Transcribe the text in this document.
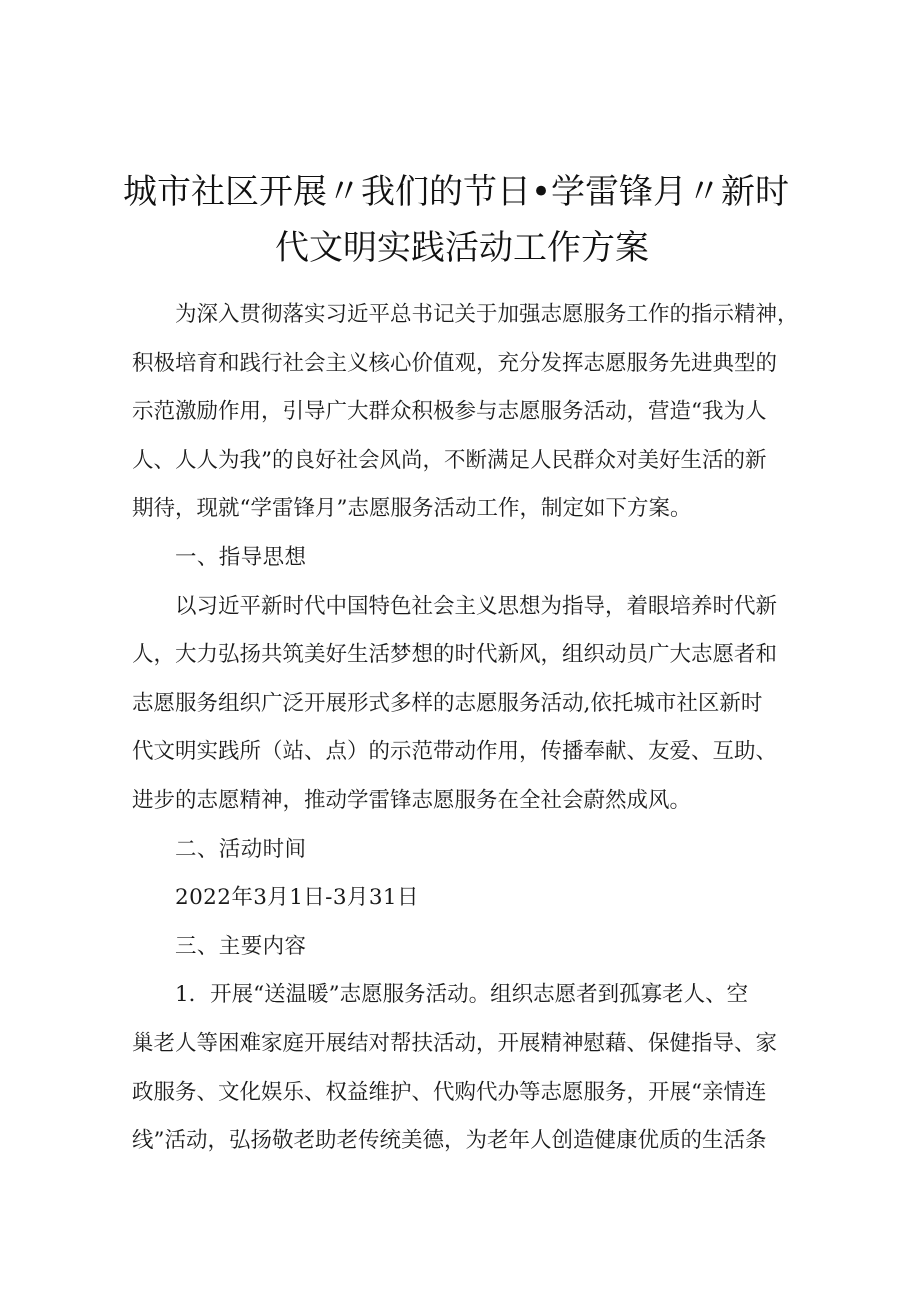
城市社区开展〃我们的节日•学雷锋月〃新时
代文明实践活动工作方案
为深入贯彻落实习近平总书记关于加强志愿服务工作的指示精神，
积极培育和践行社会主义核心价值观，充分发挥志愿服务先进典型的
示范激励作用，引导广大群众积极参与志愿服务活动，营造“我为人
人、人人为我”的良好社会风尚，不断满足人民群众对美好生活的新
期待，现就“学雷锋月”志愿服务活动工作，制定如下方案。
一、指导思想
以习近平新时代中国特色社会主义思想为指导，着眼培养时代新
人，大力弘扬共筑美好生活梦想的时代新风，组织动员广大志愿者和
志愿服务组织广泛开展形式多样的志愿服务活动,依托城市社区新时
代文明实践所（站、点）的示范带动作用，传播奉献、友爱、互助、
进步的志愿精神，推动学雷锋志愿服务在全社会蔚然成风。
二、活动时间
2022年3月1日-3月31日
三、主要内容
1．开展“送温暖”志愿服务活动。组织志愿者到孤寡老人、空
巢老人等困难家庭开展结对帮扶活动，开展精神慰藉、保健指导、家
政服务、文化娱乐、权益维护、代购代办等志愿服务，开展“亲情连
线”活动，弘扬敬老助老传统美德，为老年人创造健康优质的生活条
